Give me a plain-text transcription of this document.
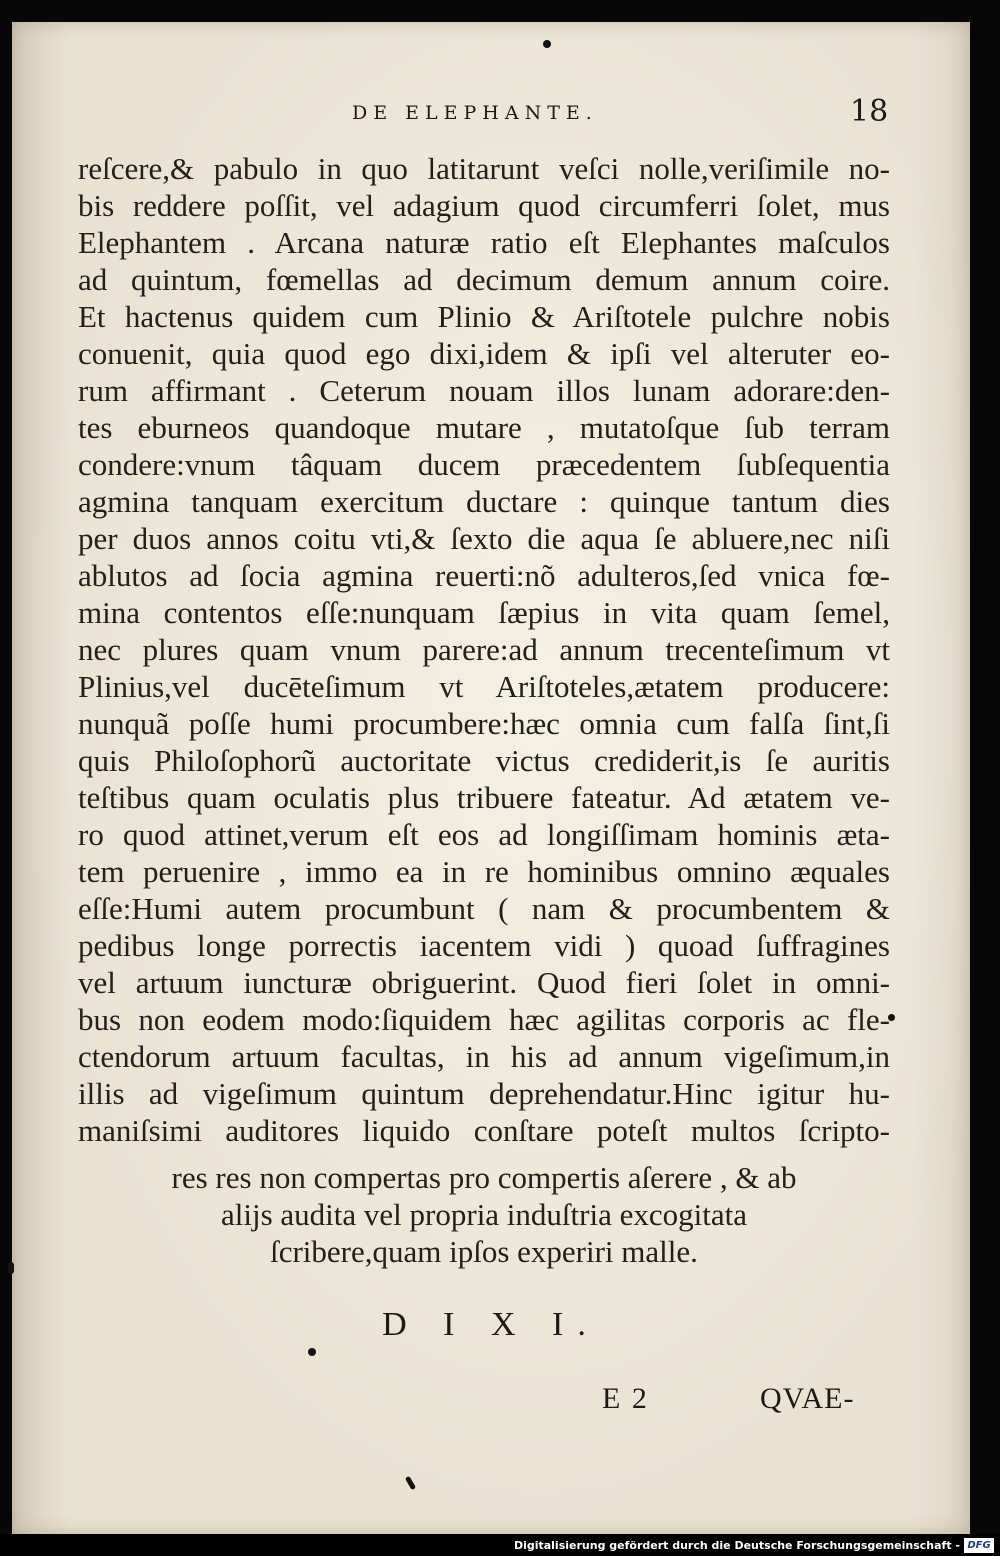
DE ELEPHANTE.	18
reſcere,& pabulo in quo latitarunt veſci nolle,veriſimile no-
bis reddere poſſit, vel adagium quod circumferri ſolet, mus
Elephantem . Arcana naturæ ratio eſt Elephantes maſculos
ad quintum, fœmellas ad decimum demum annum coire.
Et hactenus quidem cum Plinio & Ariſtotele pulchre nobis
conuenit, quia quod ego dixi,idem & ipſi vel alteruter eo-
rum affirmant . Ceterum nouam illos lunam adorare:den-
tes eburneos quandoque mutare , mutatoſque ſub terram
condere:vnum tâquam ducem præcedentem ſubſequentia
agmina tanquam exercitum ductare : quinque tantum dies
per duos annos coitu vti,& ſexto die aqua ſe abluere,nec niſi
ablutos ad ſocia agmina reuerti:nõ adulteros,ſed vnica fœ-
mina contentos eſſe:nunquam ſæpius in vita quam ſemel,
nec plures quam vnum parere:ad annum trecenteſimum vt
Plinius,vel ducēteſimum vt Ariſtoteles,ætatem producere:
nunquã poſſe humi procumbere:hæc omnia cum falſa ſint,ſi
quis Philoſophorũ auctoritate victus crediderit,is ſe auritis
teſtibus quam oculatis plus tribuere fateatur. Ad ætatem ve-
ro quod attinet,verum eſt eos ad longiſſimam hominis æta-
tem peruenire , immo ea in re hominibus omnino æquales
eſſe:Humi autem procumbunt ( nam & procumbentem &
pedibus longe porrectis iacentem vidi ) quoad ſuffragines
vel artuum iuncturæ obriguerint. Quod fieri ſolet in omni-
bus non eodem modo:ſiquidem hæc agilitas corporis ac fle-
ctendorum artuum facultas, in his ad annum vigeſimum,in
illis ad vigeſimum quintum deprehendatur.Hinc igitur hu-
maniſsimi auditores liquido conſtare poteſt multos ſcripto-
res res non compertas pro compertis aſerere , & ab
alijs audita vel propria induſtria excogitata
ſcribere,quam ipſos experiri malle.
D I X I.
E 2	QVAE-
Digitalisierung gefördert durch die Deutsche Forschungsgemeinschaft - DFG
